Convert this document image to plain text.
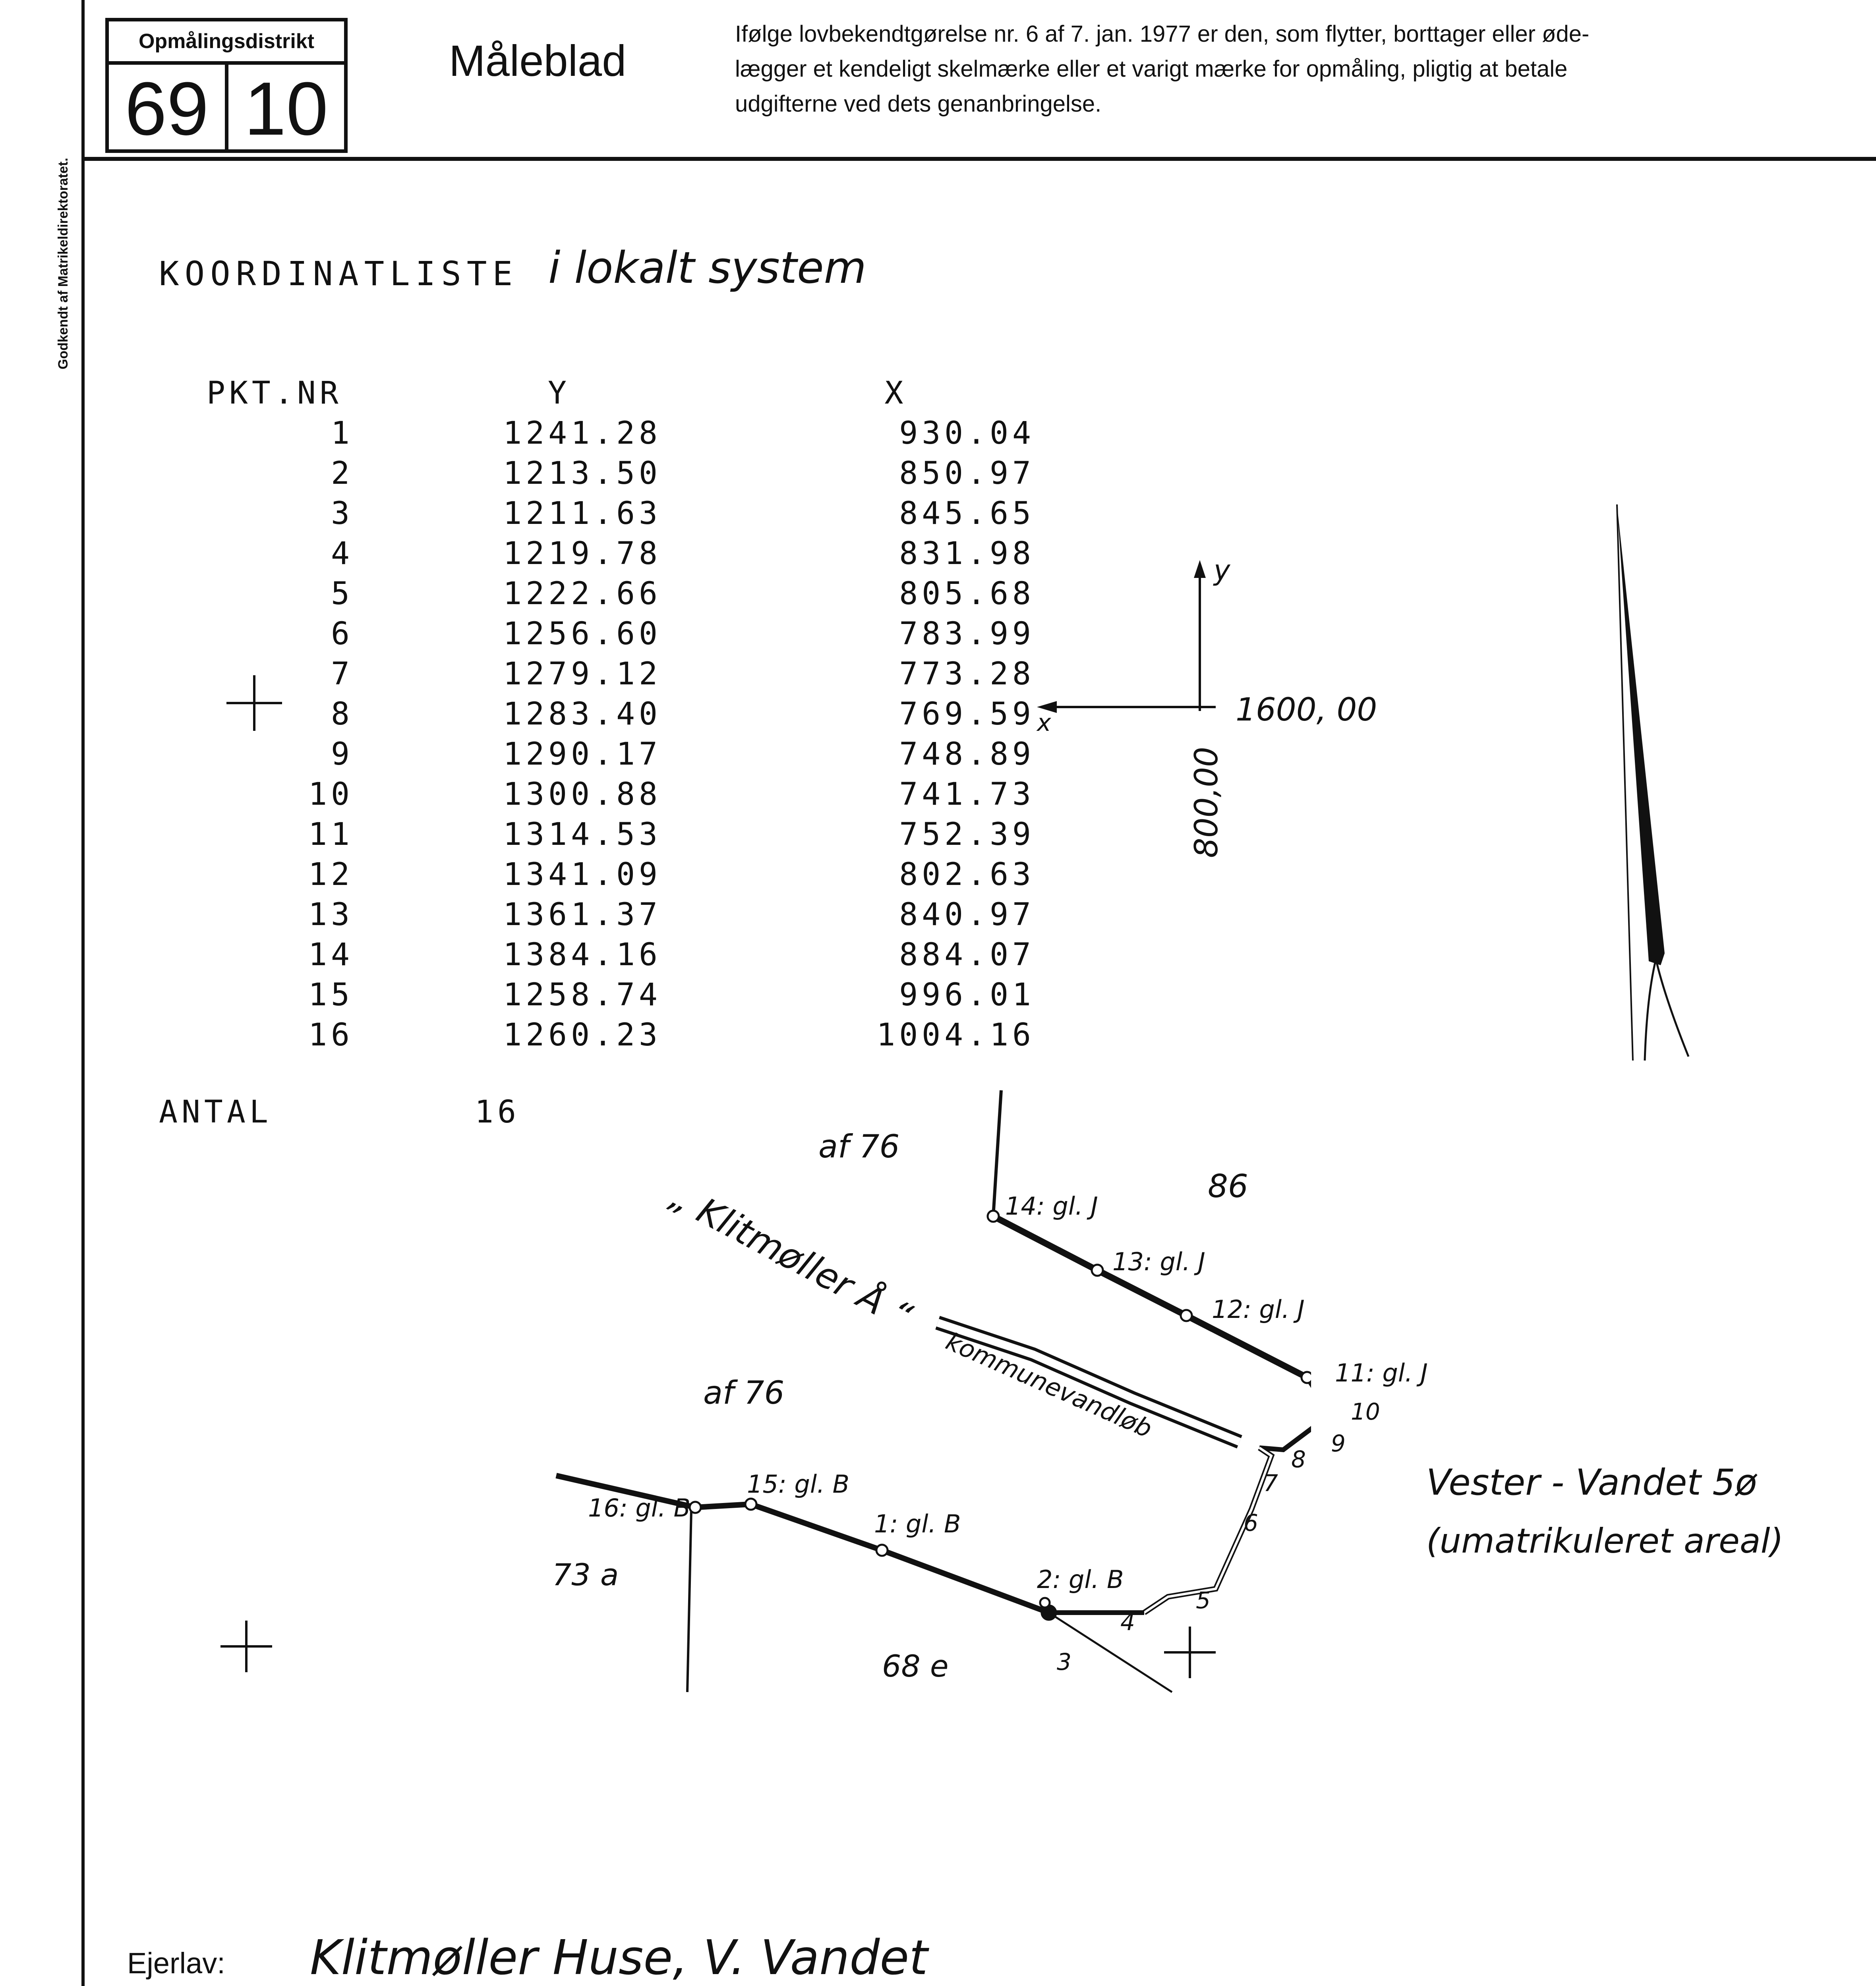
Godkendt af Matrikeldirektoratet.
Opmålingsdistrikt
69 10
Måleblad
Ifølge lovbekendtgørelse nr. 6 af 7. jan. 1977 er den, som flytter, borttager eller øde-
lægger et kendeligt skelmærke eller et varigt mærke for opmåling, pligtig at betale
udgifterne ved dets genanbringelse.
KOORDINATLISTE i lokalt system
PKT.NR	Y	X
1	1241.28	930.04
2	1213.50	850.97
3	1211.63	845.65
4	1219.78	831.98
5	1222.66	805.68
6	1256.60	783.99
7	1279.12	773.28
8	1283.40	769.59
9	1290.17	748.89
10	1300.88	741.73
11	1314.53	752.39
12	1341.09	802.63
13	1361.37	840.97
14	1384.16	884.07
15	1258.74	996.01
16	1260.23	1004.16
ANTAL	16
y
x	1600, 00
800,00
af 76
86
„ Klitmøller Å “
kommunevandløb
af 76
Vester - Vandet 5ø
(umatrikuleret areal)
73 a
68 e
14: gl. J
13: gl. J
12: gl. J
11: gl. J
10
9
8
7
6
5
4
3
2: gl. B
1: gl. B
15: gl. B
16: gl. B
Ejerlav: Klitmøller Huse, V. Vandet
